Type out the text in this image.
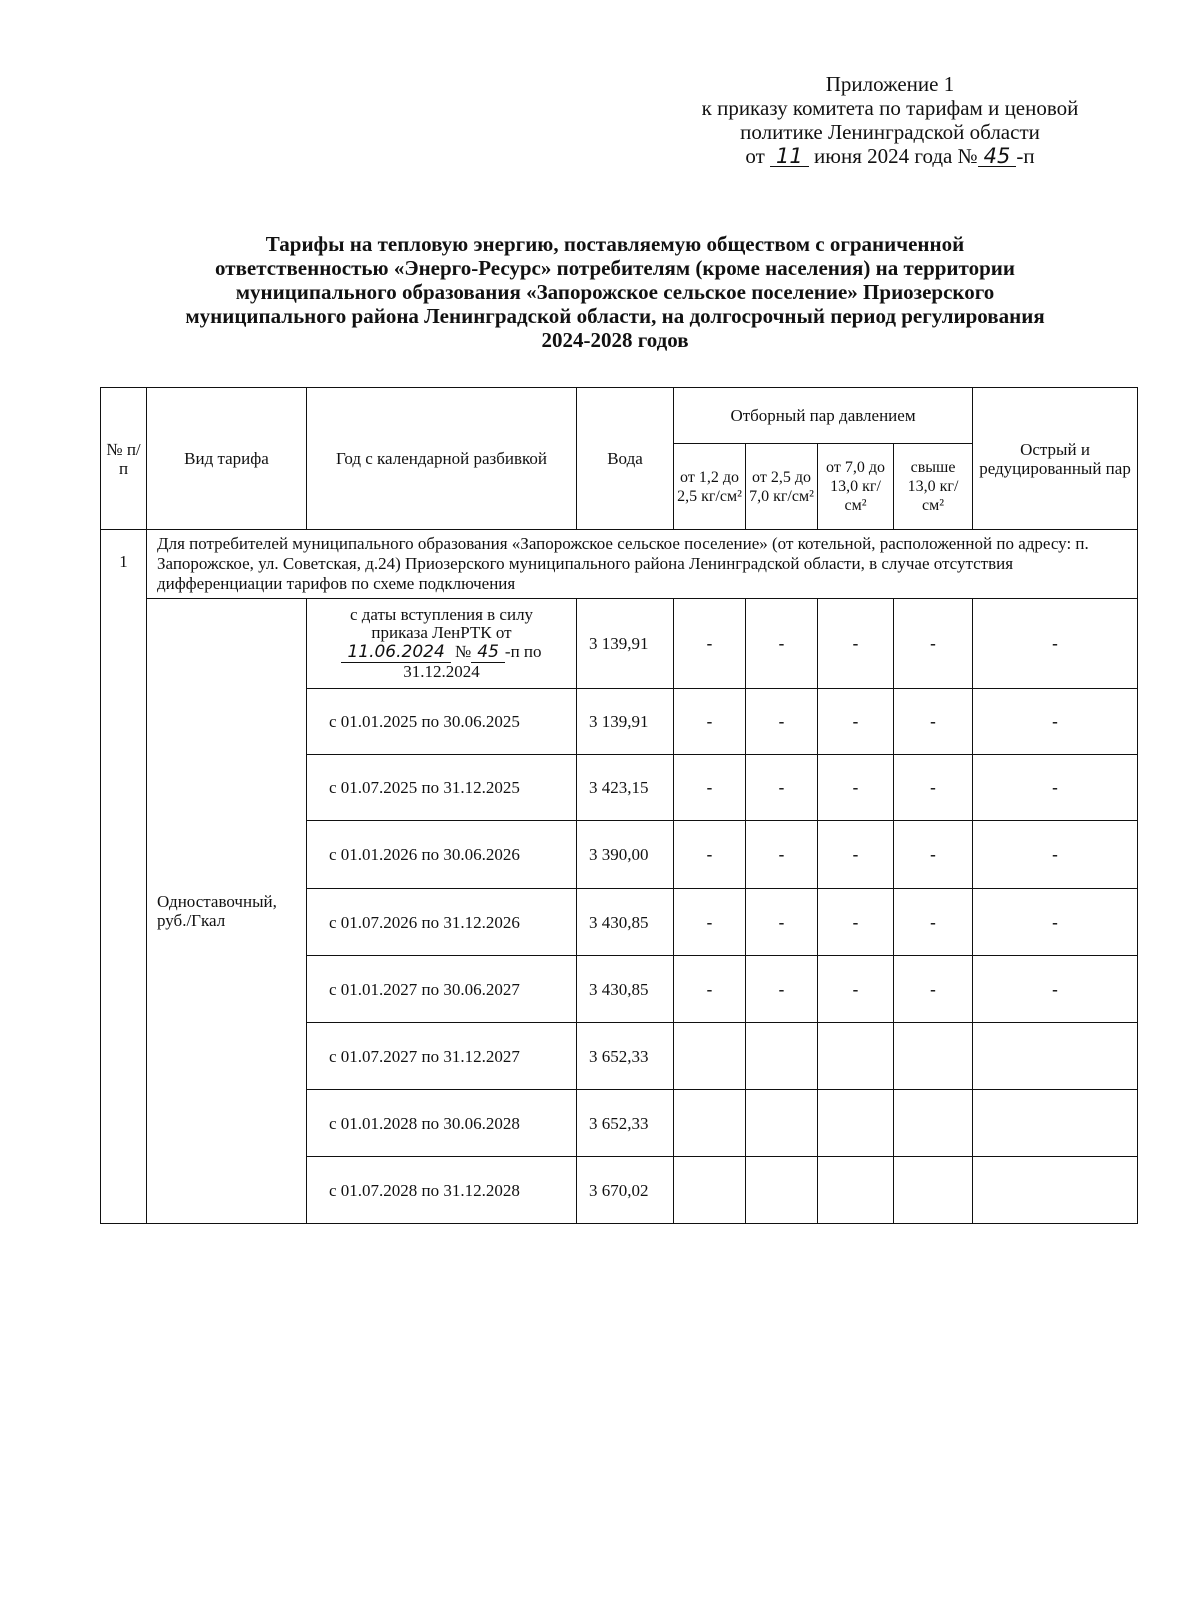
Приложение 1
к приказу комитета по тарифам и ценовой
политике Ленинградской области
от 11 июня 2024 года № 45 -п
Тарифы на тепловую энергию, поставляемую обществом с ограниченной
ответственностью «Энерго-Ресурс» потребителям (кроме населения) на территории
муниципального образования «Запорожское сельское поселение» Приозерского
муниципального района Ленинградской области, на долгосрочный период регулирования
2024-2028 годов
№ п/п	Вид тарифа	Год с календарной разбивкой	Вода	Отборный пар давлением				Острый и редуцированный пар
				от 1,2 до 2,5 кг/см²	от 2,5 до 7,0 кг/см²	от 7,0 до 13,0 кг/см²	свыше 13,0 кг/см²	
1	Для потребителей муниципального образования «Запорожское сельское поселение» (от котельной, расположенной по адресу: п. Запорожское, ул. Советская, д.24) Приозерского муниципального района Ленинградской области, в случае отсутствия дифференциации тарифов по схеме подключения							
	Одноставочный, руб./Гкал	с даты вступления в силу
приказа ЛенРТК от
11.06.2024 № 45 -п по
31.12.2024	3 139,91	-	-	-	-	-
		с 01.01.2025 по 30.06.2025	3 139,91	-	-	-	-	-
		с 01.07.2025 по 31.12.2025	3 423,15	-	-	-	-	-
		с 01.01.2026 по 30.06.2026	3 390,00	-	-	-	-	-
		с 01.07.2026 по 31.12.2026	3 430,85	-	-	-	-	-
		с 01.01.2027 по 30.06.2027	3 430,85	-	-	-	-	-
		с 01.07.2027 по 31.12.2027	3 652,33					
		с 01.01.2028 по 30.06.2028	3 652,33					
		с 01.07.2028 по 31.12.2028	3 670,02					
